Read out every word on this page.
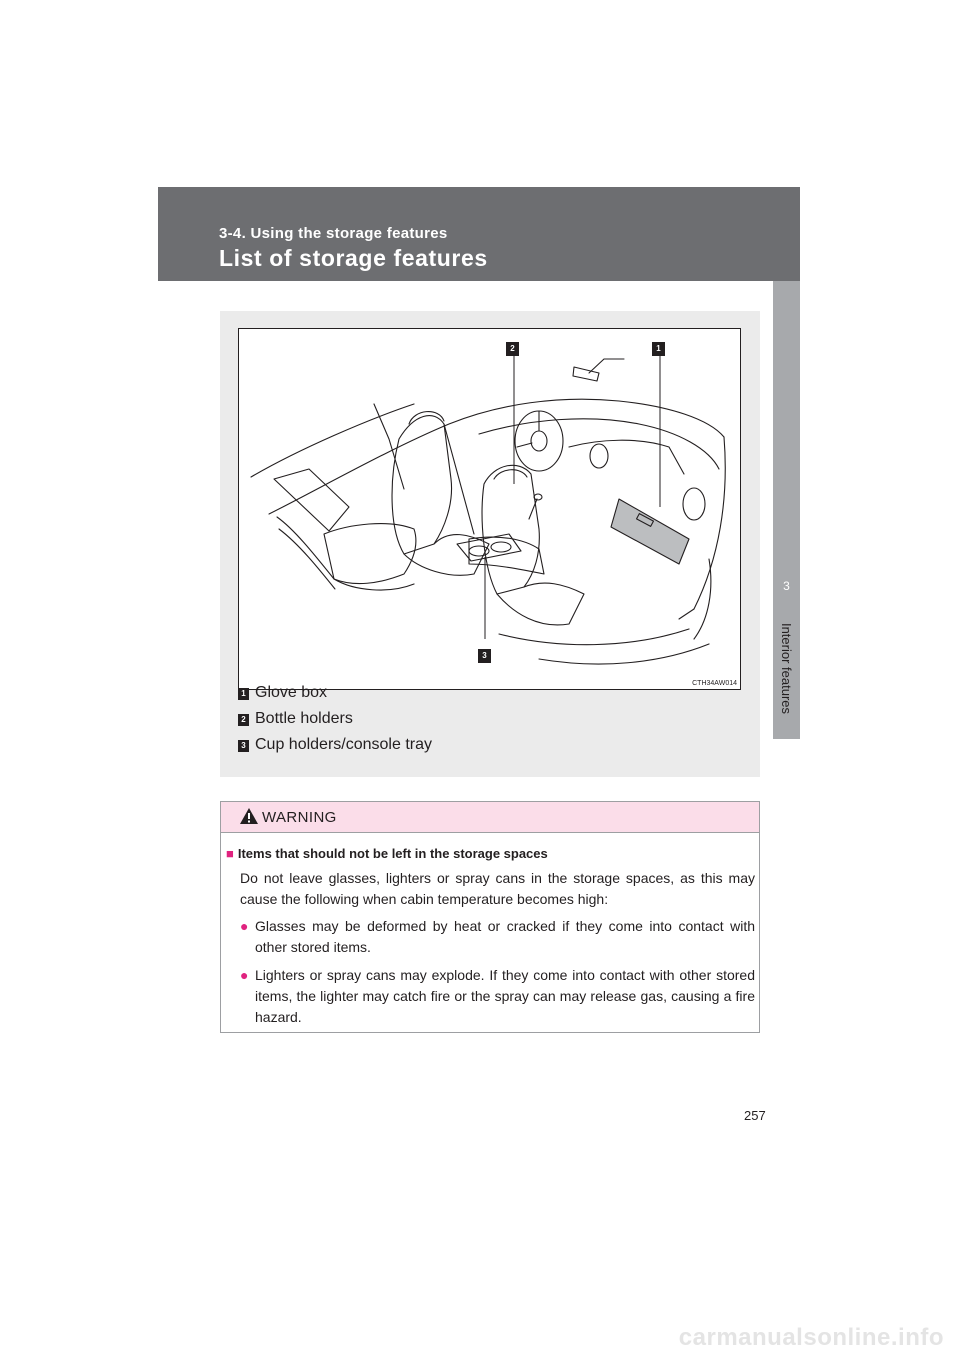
3-4. Using the storage features
List of storage features
3
Interior features
1
2
3
CTH34AW014
1 Glove box
2 Bottle holders
3 Cup holders/console tray
WARNING
■ Items that should not be left in the storage spaces
Do not leave glasses, lighters or spray cans in the storage spaces, as this may cause the following when cabin temperature becomes high:
● Glasses may be deformed by heat or cracked if they come into contact with other stored items.
● Lighters or spray cans may explode. If they come into contact with other stored items, the lighter may catch fire or the spray can may release gas, causing a fire hazard.
257
carmanualsonline.info
